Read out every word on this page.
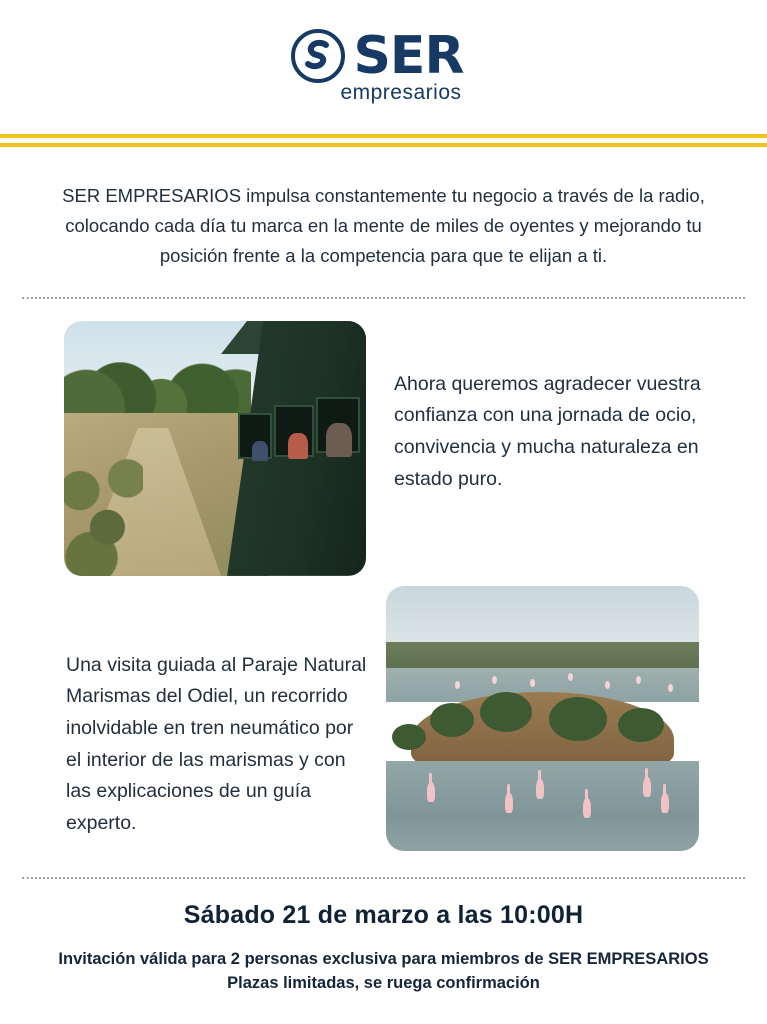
SER
empresarios
SER EMPRESARIOS impulsa constantemente tu negocio a través de la radio, colocando cada día tu marca en la mente de miles de oyentes y mejorando tu posición frente a la competencia para que te elijan a ti.
Ahora queremos agradecer vuestra confianza con una jornada de ocio, convivencia y mucha naturaleza en estado puro.
Una visita guiada al Paraje Natural Marismas del Odiel, un recorrido inolvidable en tren neumático por el interior de las marismas y con las explicaciones de un guía experto.
Sábado 21 de marzo a las 10:00H
Invitación válida para 2 personas exclusiva para miembros de SER EMPRESARIOS
Plazas limitadas, se ruega confirmación
